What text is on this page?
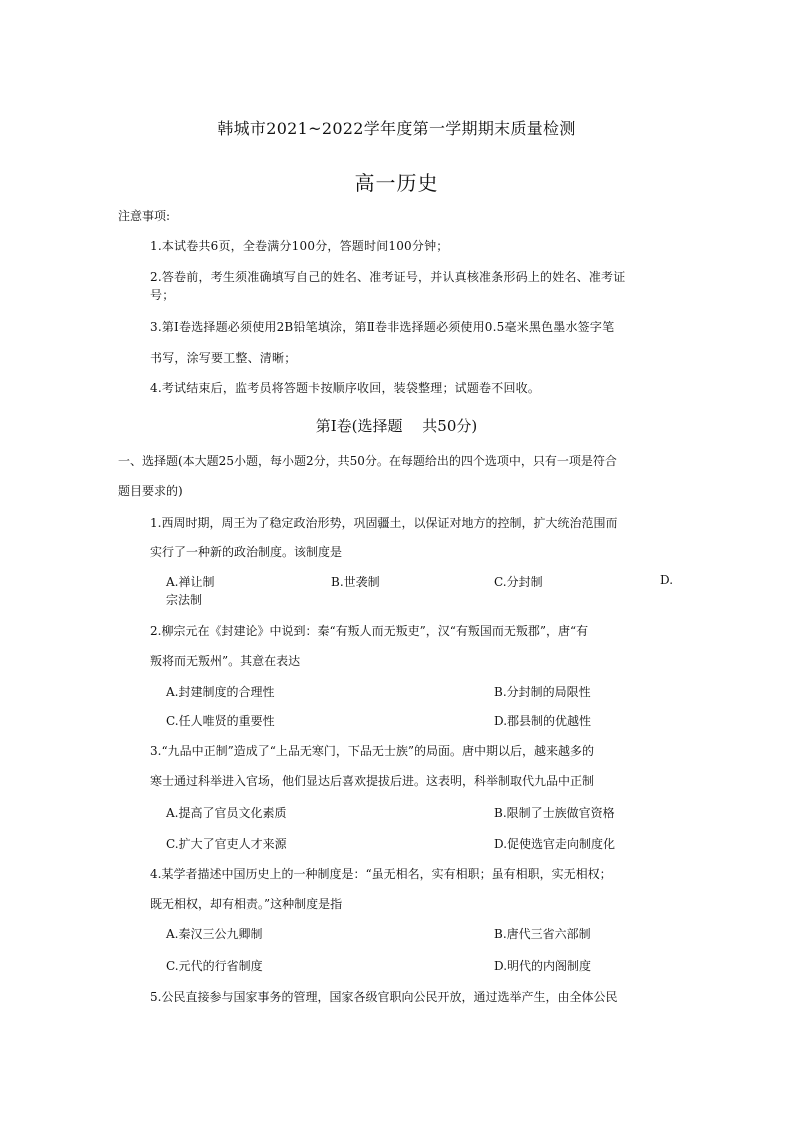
韩城市2021~2022学年度第一学期期末质量检测
高一历史
注意事项:
1.本试卷共6页，全卷满分100分，答题时间100分钟；
2.答卷前，考生须准确填写自己的姓名、准考证号，并认真核准条形码上的姓名、准考证
号；
3.第Ⅰ卷选择题必须使用2B铅笔填涂，第Ⅱ卷非选择题必须使用0.5毫米黑色墨水签字笔
书写，涂写要工整、清晰；
4.考试结束后，监考员将答题卡按顺序收回，装袋整理；试题卷不回收。
第Ⅰ卷(选择题　 共50分)
一、选择题(本大题25小题，每小题2分，共50分。在每题给出的四个选项中，只有一项是符合
题目要求的)
1.西周时期，周王为了稳定政治形势，巩固疆土，以保证对地方的控制，扩大统治范围而
实行了一种新的政治制度。该制度是
A.禅让制	B.世袭制	C.分封制	D.
宗法制
2.柳宗元在《封建论》中说到：秦“有叛人而无叛吏”，汉“有叛国而无叛郡”，唐“有
叛将而无叛州”。其意在表达
A.封建制度的合理性	B.分封制的局限性
C.任人唯贤的重要性	D.郡县制的优越性
3.“九品中正制”造成了“上品无寒门，下品无士族”的局面。唐中期以后，越来越多的
寒士通过科举进入官场，他们显达后喜欢提拔后进。这表明，科举制取代九品中正制
A.提高了官员文化素质	B.限制了士族做官资格
C.扩大了官吏人才来源	D.促使选官走向制度化
4.某学者描述中国历史上的一种制度是：“虽无相名，实有相职；虽有相职，实无相权；
既无相权，却有相责。”这种制度是指
A.秦汉三公九卿制	B.唐代三省六部制
C.元代的行省制度	D.明代的内阁制度
5.公民直接参与国家事务的管理，国家各级官职向公民开放，通过选举产生，由全体公民
